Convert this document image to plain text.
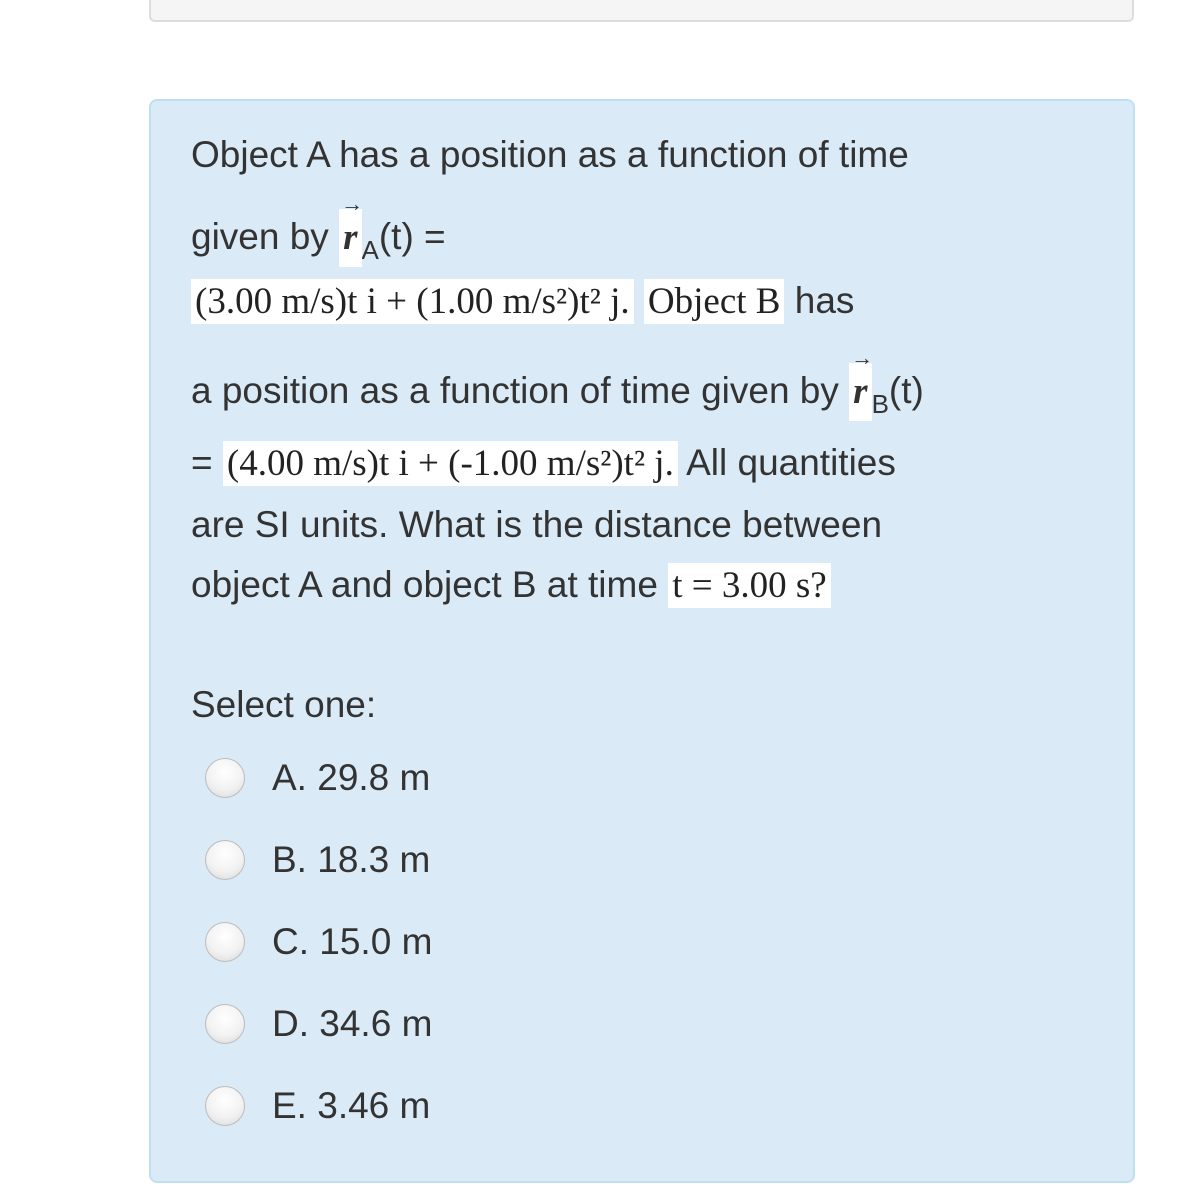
Object A has a position as a function of time
given by
→
r $_A$(t) =
(3.00 m/s)t i + (1.00 m/s²)t² j. Object B has
a position as a function of time given by
→
r $_B$(t)
= (4.00 m/s)t i + (-1.00 m/s²)t² j. All quantities
are SI units. What is the distance between
object A and object B at time t = 3.00 s?
Select one:
A. 29.8 m
B. 18.3 m
C. 15.0 m
D. 34.6 m
E. 3.46 m
